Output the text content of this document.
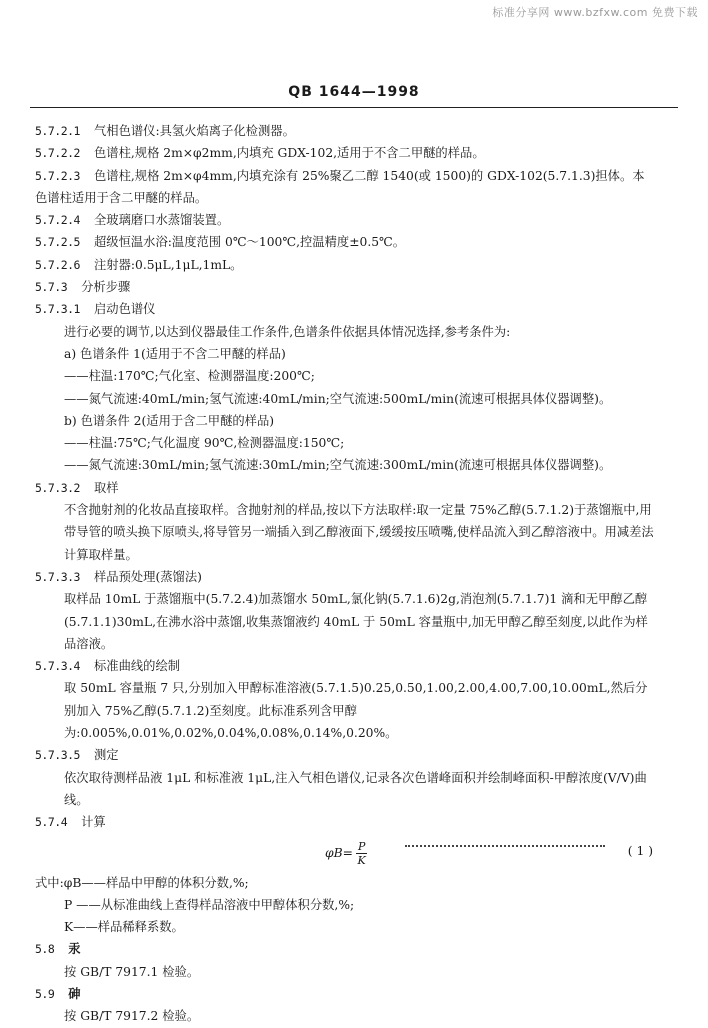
标准分享网 www.bzfxw.com 免费下载
QB 1644—1998
5.7.2.1 气相色谱仪:具氢火焰离子化检测器。
5.7.2.2 色谱柱,规格 2m×φ2mm,内填充 GDX-102,适用于不含二甲醚的样品。
5.7.2.3 色谱柱,规格 2m×φ4mm,内填充涂有 25%聚乙二醇 1540(或 1500)的 GDX-102(5.7.1.3)担体。本色谱柱适用于含二甲醚的样品。
5.7.2.4 全玻璃磨口水蒸馏装置。
5.7.2.5 超级恒温水浴:温度范围 0℃～100℃,控温精度±0.5℃。
5.7.2.6 注射器:0.5μL,1μL,1mL。
5.7.3 分析步骤
5.7.3.1 启动色谱仪
进行必要的调节,以达到仪器最佳工作条件,色谱条件依据具体情况选择,参考条件为:
a) 色谱条件 1(适用于不含二甲醚的样品)
——柱温:170℃;气化室、检测器温度:200℃;
——氮气流速:40mL/min;氢气流速:40mL/min;空气流速:500mL/min(流速可根据具体仪器调整)。
b) 色谱条件 2(适用于含二甲醚的样品)
——柱温:75℃;气化温度 90℃,检测器温度:150℃;
——氮气流速:30mL/min;氢气流速:30mL/min;空气流速:300mL/min(流速可根据具体仪器调整)。
5.7.3.2 取样
不含抛射剂的化妆品直接取样。含抛射剂的样品,按以下方法取样:取一定量 75%乙醇(5.7.1.2)于蒸馏瓶中,用带导管的喷头换下原喷头,将导管另一端插入到乙醇液面下,缓缓按压喷嘴,使样品流入到乙醇溶液中。用减差法计算取样量。
5.7.3.3 样品预处理(蒸馏法)
取样品 10mL 于蒸馏瓶中(5.7.2.4)加蒸馏水 50mL,氯化钠(5.7.1.6)2g,消泡剂(5.7.1.7)1 滴和无甲醇乙醇(5.7.1.1)30mL,在沸水浴中蒸馏,收集蒸馏液约 40mL 于 50mL 容量瓶中,加无甲醇乙醇至刻度,以此作为样品溶液。
5.7.3.4 标准曲线的绘制
取 50mL 容量瓶 7 只,分别加入甲醇标准溶液(5.7.1.5)0.25,0.50,1.00,2.00,4.00,7.00,10.00mL,然后分别加入 75%乙醇(5.7.1.2)至刻度。此标准系列含甲醇为:0.005%,0.01%,0.02%,0.04%,0.08%,0.14%,0.20%。
5.7.3.5 测定
依次取待测样品液 1μL 和标准液 1μL,注入气相色谱仪,记录各次色谱峰面积并绘制峰面积-甲醇浓度(V/V)曲线。
5.7.4 计算
$\varphi B= \frac{P}{K}$	( 1 )
式中:φB——样品中甲醇的体积分数,%;
P ——从标准曲线上查得样品溶液中甲醇体积分数,%;
K——样品稀释系数。
5.8 汞
按 GB/T 7917.1 检验。
5.9 砷
按 GB/T 7917.2 检验。
